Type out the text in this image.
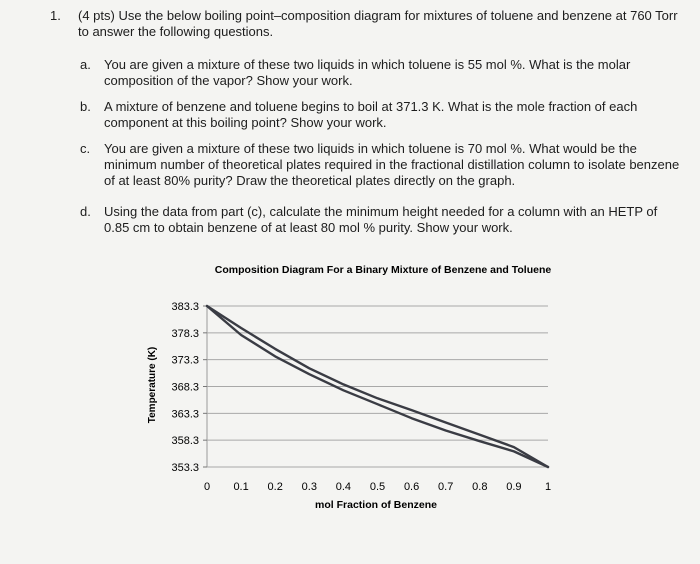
1. (4 pts) Use the below boiling point–composition diagram for mixtures of toluene and benzene at 760 Torr to answer the following questions.
a. You are given a mixture of these two liquids in which toluene is 55 mol %. What is the molar composition of the vapor? Show your work.
b. A mixture of benzene and toluene begins to boil at 371.3 K. What is the mole fraction of each component at this boiling point? Show your work.
c. You are given a mixture of these two liquids in which toluene is 70 mol %. What would be the minimum number of theoretical plates required in the fractional distillation column to isolate benzene of at least 80% purity? Draw the theoretical plates directly on the graph.
d. Using the data from part (c), calculate the minimum height needed for a column with an HETP of 0.85 cm to obtain benzene of at least 80 mol % purity. Show your work.
Composition Diagram For a Binary Mixture of Benzene and Toluene
Temperature (K)
mol Fraction of Benzene
383.3
378.3
373.3
368.3
363.3
358.3
353.3
0 0.1 0.2 0.3 0.4 0.5 0.6 0.7 0.8 0.9 1
